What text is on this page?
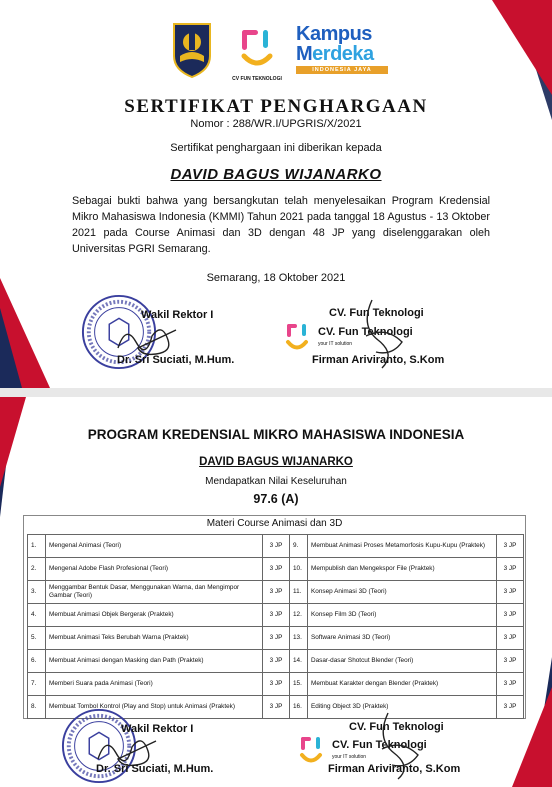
CV FUN TEKNOLOGI
Kampus
Merdeka
INDONESIA JAYA
SERTIFIKAT PENGHARGAAN
Nomor : 288/WR.I/UPGRIS/X/2021
Sertifikat penghargaan ini diberikan kepada
DAVID BAGUS WIJANARKO
Sebagai bukti bahwa yang bersangkutan telah menyelesaikan Program Kredensial Mikro Mahasiswa Indonesia (KMMI) Tahun 2021 pada tanggal 18 Agustus - 13 Oktober 2021 pada Course Animasi dan 3D dengan 48 JP yang diselenggarakan oleh Universitas PGRI Semarang.
Semarang, 18 Oktober 2021
Wakil Rektor I
Dr. Sri Suciati, M.Hum.
CV. Fun Teknologi
CV. Fun Teknologi
your IT solution
Firman Ariviranto, S.Kom
PROGRAM KREDENSIAL MIKRO MAHASISWA INDONESIA
DAVID BAGUS WIJANARKO
Mendapatkan Nilai Keseluruhan
97.6 (A)
Materi Course Animasi dan 3D
1.	Mengenal Animasi (Teori)	3 JP	9.	Membuat Animasi Proses Metamorfosis Kupu-Kupu (Praktek)	3 JP
2.	Mengenal Adobe Flash Profesional (Teori)	3 JP	10.	Mempublish dan Mengekspor File (Praktek)	3 JP
3.	Menggambar Bentuk Dasar, Menggunakan Warna, dan Mengimpor Gambar (Teori)	3 JP	11.	Konsep Animasi 3D (Teori)	3 JP
4.	Membuat Animasi Objek Bergerak (Praktek)	3 JP	12.	Konsep Film 3D (Teori)	3 JP
5.	Membuat Animasi Teks Berubah Warna (Praktek)	3 JP	13.	Software Animasi 3D (Teori)	3 JP
6.	Membuat Animasi dengan Masking dan Path (Praktek)	3 JP	14.	Dasar-dasar Shotcut Blender (Teori)	3 JP
7.	Memberi Suara pada Animasi (Teori)	3 JP	15.	Membuat Karakter dengan Blender (Praktek)	3 JP
8.	Membuat Tombol Kontrol (Play and Stop) untuk Animasi (Praktek)	3 JP	16.	Editing Object 3D (Praktek)	3 JP
Wakil Rektor I
Dr. Sri Suciati, M.Hum.
CV. Fun Teknologi
CV. Fun Teknologi
your IT solution
Firman Ariviranto, S.Kom
